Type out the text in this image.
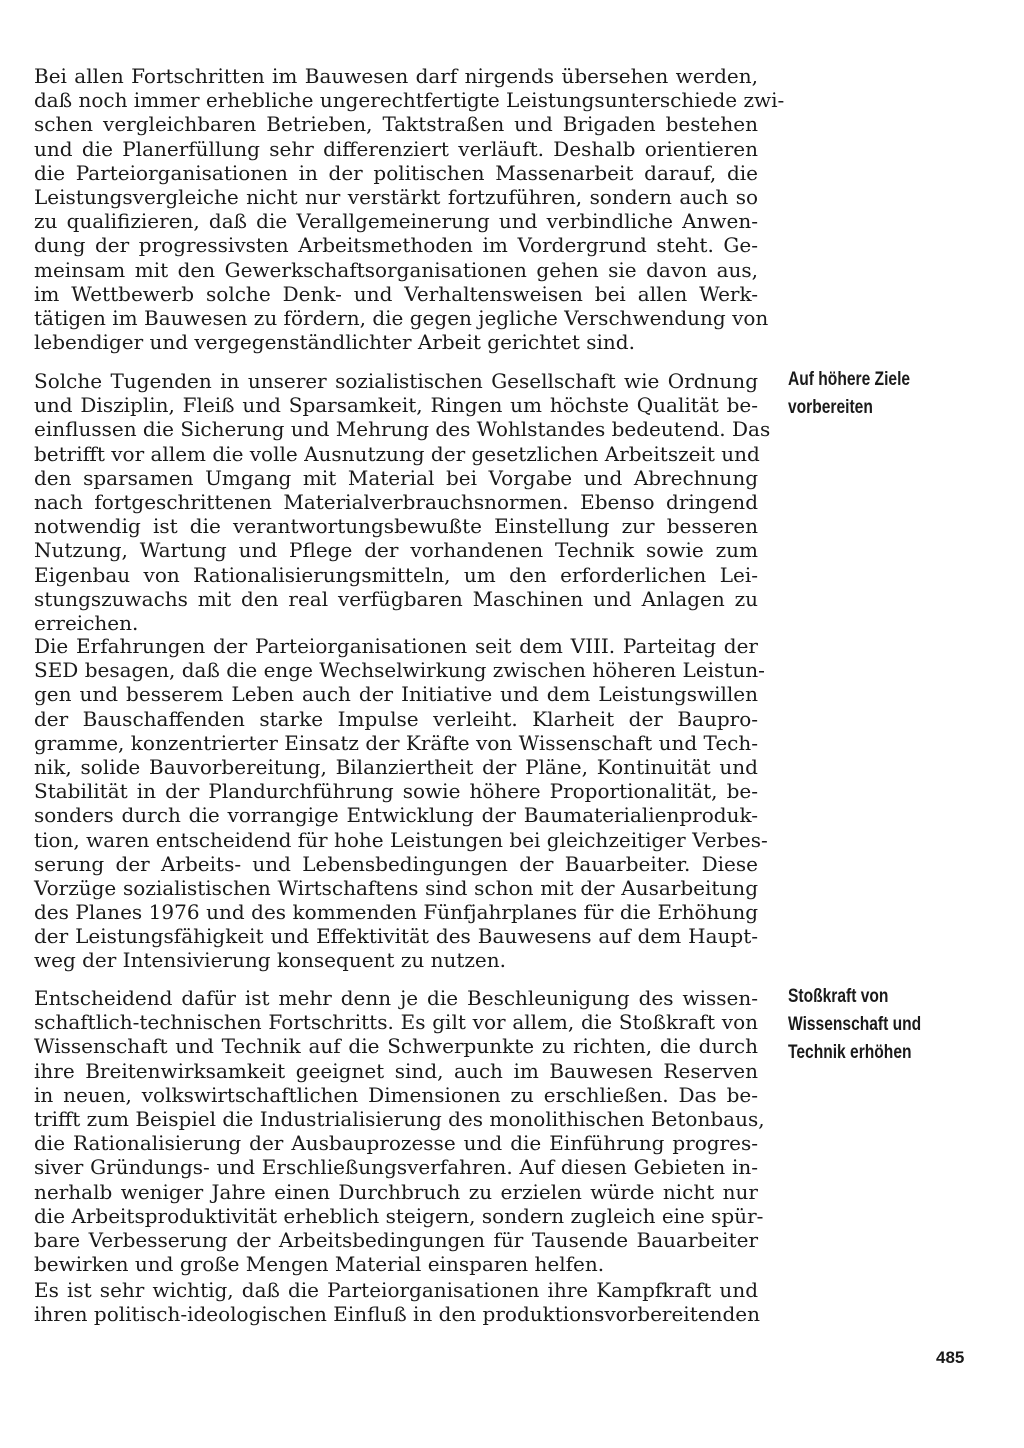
Bei allen Fortschritten im Bauwesen darf nirgends übersehen werden,
daß noch immer erhebliche ungerechtfertigte Leistungsunterschiede zwi-
schen vergleichbaren Betrieben, Taktstraßen und Brigaden bestehen
und die Planerfüllung sehr differenziert verläuft. Deshalb orientieren
die Parteiorganisationen in der politischen Massenarbeit darauf, die
Leistungsvergleiche nicht nur verstärkt fortzuführen, sondern auch so
zu qualifizieren, daß die Verallgemeinerung und verbindliche Anwen-
dung der progressivsten Arbeitsmethoden im Vordergrund steht. Ge-
meinsam mit den Gewerkschaftsorganisationen gehen sie davon aus,
im Wettbewerb solche Denk- und Verhaltensweisen bei allen Werk-
tätigen im Bauwesen zu fördern, die gegen jegliche Verschwendung von
lebendiger und vergegenständlichter Arbeit gerichtet sind.
Solche Tugenden in unserer sozialistischen Gesellschaft wie Ordnung
und Disziplin, Fleiß und Sparsamkeit, Ringen um höchste Qualität be-
einflussen die Sicherung und Mehrung des Wohlstandes bedeutend. Das
betrifft vor allem die volle Ausnutzung der gesetzlichen Arbeitszeit und
den sparsamen Umgang mit Material bei Vorgabe und Abrechnung
nach fortgeschrittenen Materialverbrauchsnormen. Ebenso dringend
notwendig ist die verantwortungsbewußte Einstellung zur besseren
Nutzung, Wartung und Pflege der vorhandenen Technik sowie zum
Eigenbau von Rationalisierungsmitteln, um den erforderlichen Lei-
stungszuwachs mit den real verfügbaren Maschinen und Anlagen zu
erreichen.
Die Erfahrungen der Parteiorganisationen seit dem VIII. Parteitag der
SED besagen, daß die enge Wechselwirkung zwischen höheren Leistun-
gen und besserem Leben auch der Initiative und dem Leistungswillen
der Bauschaffenden starke Impulse verleiht. Klarheit der Baupro-
gramme, konzentrierter Einsatz der Kräfte von Wissenschaft und Tech-
nik, solide Bauvorbereitung, Bilanziertheit der Pläne, Kontinuität und
Stabilität in der Plandurchführung sowie höhere Proportionalität, be-
sonders durch die vorrangige Entwicklung der Baumaterialienproduk-
tion, waren entscheidend für hohe Leistungen bei gleichzeitiger Verbes-
serung der Arbeits- und Lebensbedingungen der Bauarbeiter. Diese
Vorzüge sozialistischen Wirtschaftens sind schon mit der Ausarbeitung
des Planes 1976 und des kommenden Fünfjahrplanes für die Erhöhung
der Leistungsfähigkeit und Effektivität des Bauwesens auf dem Haupt-
weg der Intensivierung konsequent zu nutzen.
Entscheidend dafür ist mehr denn je die Beschleunigung des wissen-
schaftlich-technischen Fortschritts. Es gilt vor allem, die Stoßkraft von
Wissenschaft und Technik auf die Schwerpunkte zu richten, die durch
ihre Breitenwirksamkeit geeignet sind, auch im Bauwesen Reserven
in neuen, volkswirtschaftlichen Dimensionen zu erschließen. Das be-
trifft zum Beispiel die Industrialisierung des monolithischen Betonbaus,
die Rationalisierung der Ausbauprozesse und die Einführung progres-
siver Gründungs- und Erschließungsverfahren. Auf diesen Gebieten in-
nerhalb weniger Jahre einen Durchbruch zu erzielen würde nicht nur
die Arbeitsproduktivität erheblich steigern, sondern zugleich eine spür-
bare Verbesserung der Arbeitsbedingungen für Tausende Bauarbeiter
bewirken und große Mengen Material einsparen helfen.
Es ist sehr wichtig, daß die Parteiorganisationen ihre Kampfkraft und
ihren politisch-ideologischen Einfluß in den produktionsvorbereitenden
Auf höhere Ziele
vorbereiten
Stoßkraft von
Wissenschaft und
Technik erhöhen
485
